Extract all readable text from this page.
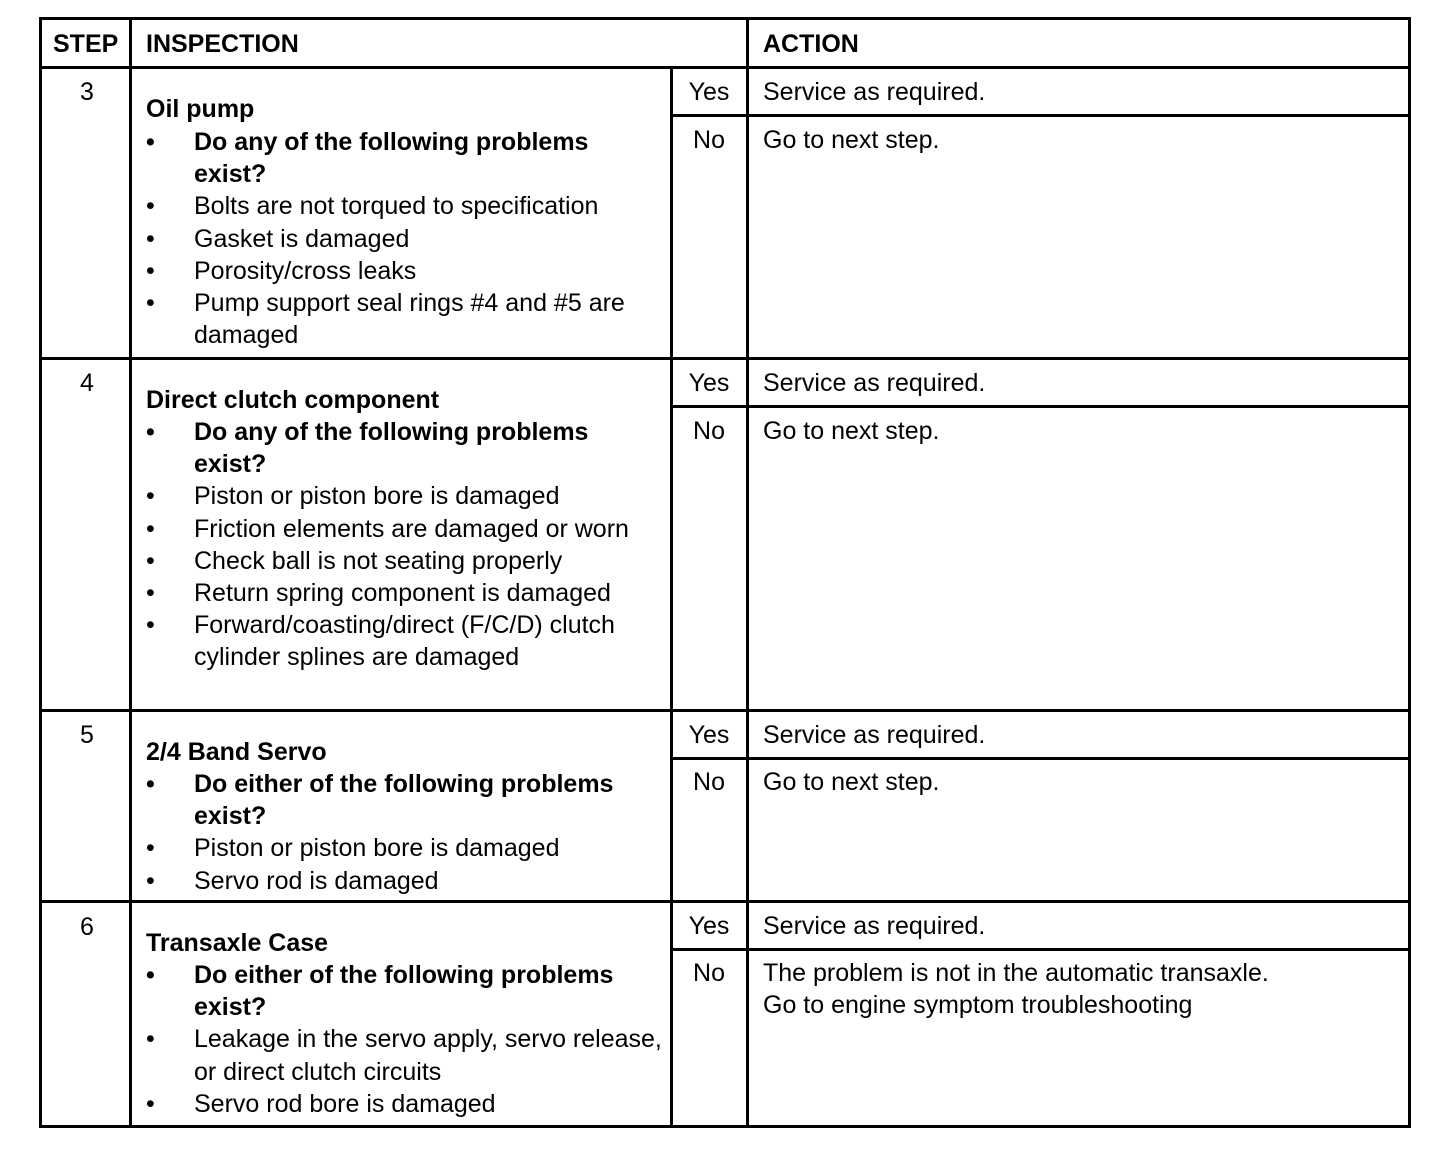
STEP INSPECTION	ACTION
3
Oil pump
• Do any of the following problems exist?
• Bolts are not torqued to specification
• Gasket is damaged
• Porosity/cross leaks
• Pump support seal rings #4 and #5 are damaged
Yes	Service as required.
No	Go to next step.
4
Direct clutch component
• Do any of the following problems exist?
• Piston or piston bore is damaged
• Friction elements are damaged or worn
• Check ball is not seating properly
• Return spring component is damaged
• Forward/coasting/direct (F/C/D) clutch cylinder splines are damaged
Yes	Service as required.
No	Go to next step.
5
2/4 Band Servo
• Do either of the following problems exist?
• Piston or piston bore is damaged
• Servo rod is damaged
Yes	Service as required.
No	Go to next step.
6
Transaxle Case
• Do either of the following problems exist?
• Leakage in the servo apply, servo release, or direct clutch circuits
• Servo rod bore is damaged
Yes	Service as required.
No	The problem is not in the automatic transaxle.
Go to engine symptom troubleshooting
